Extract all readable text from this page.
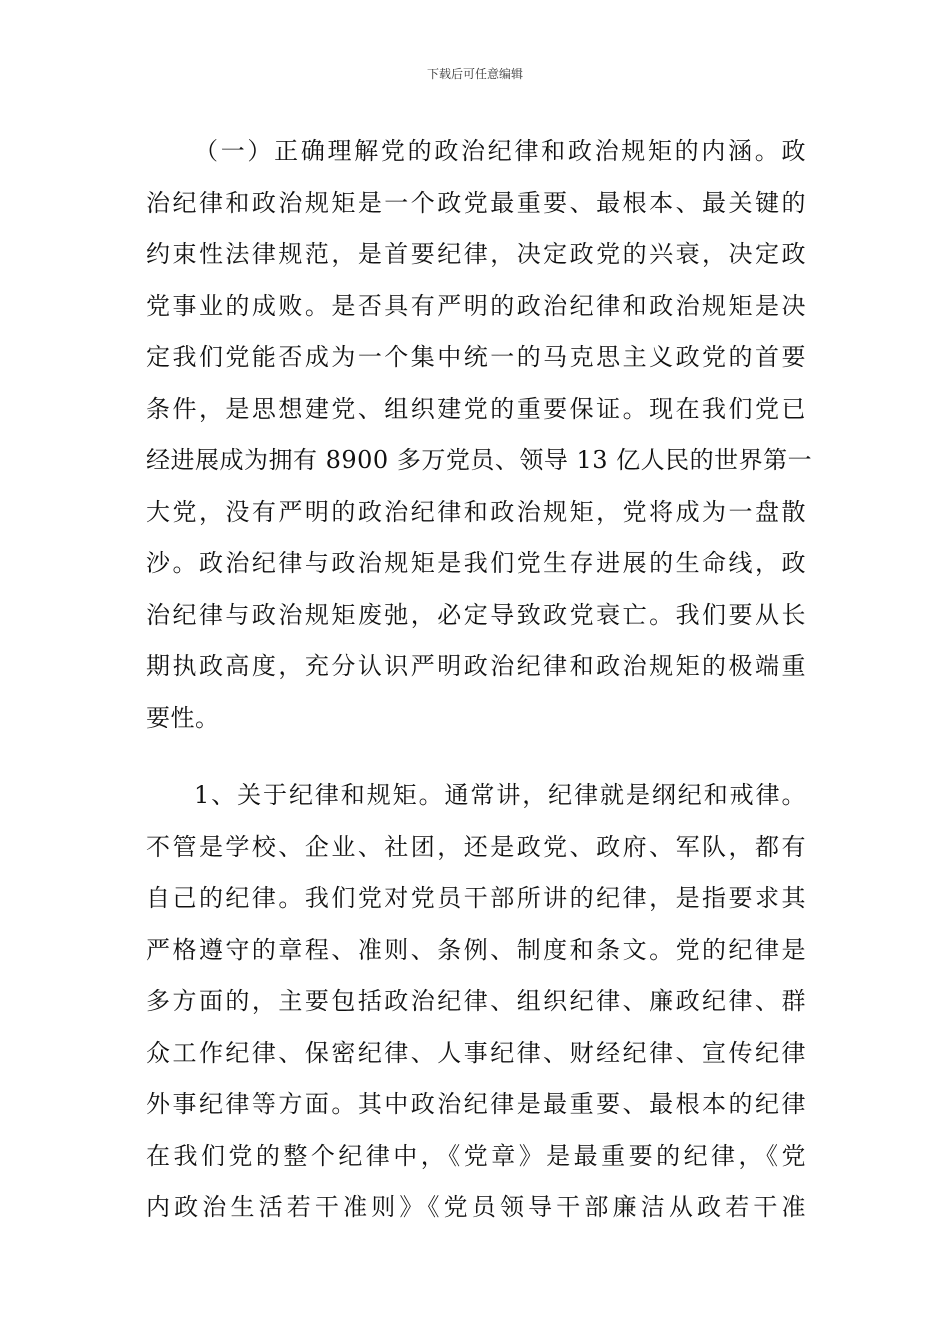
下载后可任意编辑
（一）正确理解党的政治纪律和政治规矩的内涵。政
治纪律和政治规矩是一个政党最重要、最根本、最关键的
约束性法律规范，是首要纪律，决定政党的兴衰，决定政
党事业的成败。是否具有严明的政治纪律和政治规矩是决
定我们党能否成为一个集中统一的马克思主义政党的首要
条件，是思想建党、组织建党的重要保证。现在我们党已
经进展成为拥有 8900 多万党员、领导 13 亿人民的世界第一
大党，没有严明的政治纪律和政治规矩，党将成为一盘散
沙。政治纪律与政治规矩是我们党生存进展的生命线，政
治纪律与政治规矩废弛，必定导致政党衰亡。我们要从长
期执政高度，充分认识严明政治纪律和政治规矩的极端重
要性。
1、关于纪律和规矩。通常讲，纪律就是纲纪和戒律。
不管是学校、企业、社团，还是政党、政府、军队，都有
自己的纪律。我们党对党员干部所讲的纪律，是指要求其
严格遵守的章程、准则、条例、制度和条文。党的纪律是
多方面的，主要包括政治纪律、组织纪律、廉政纪律、群
众工作纪律、保密纪律、人事纪律、财经纪律、宣传纪律
外事纪律等方面。其中政治纪律是最重要、最根本的纪律
在我们党的整个纪律中，《党章》是最重要的纪律，《党
内政治生活若干准则》《党员领导干部廉洁从政若干准
